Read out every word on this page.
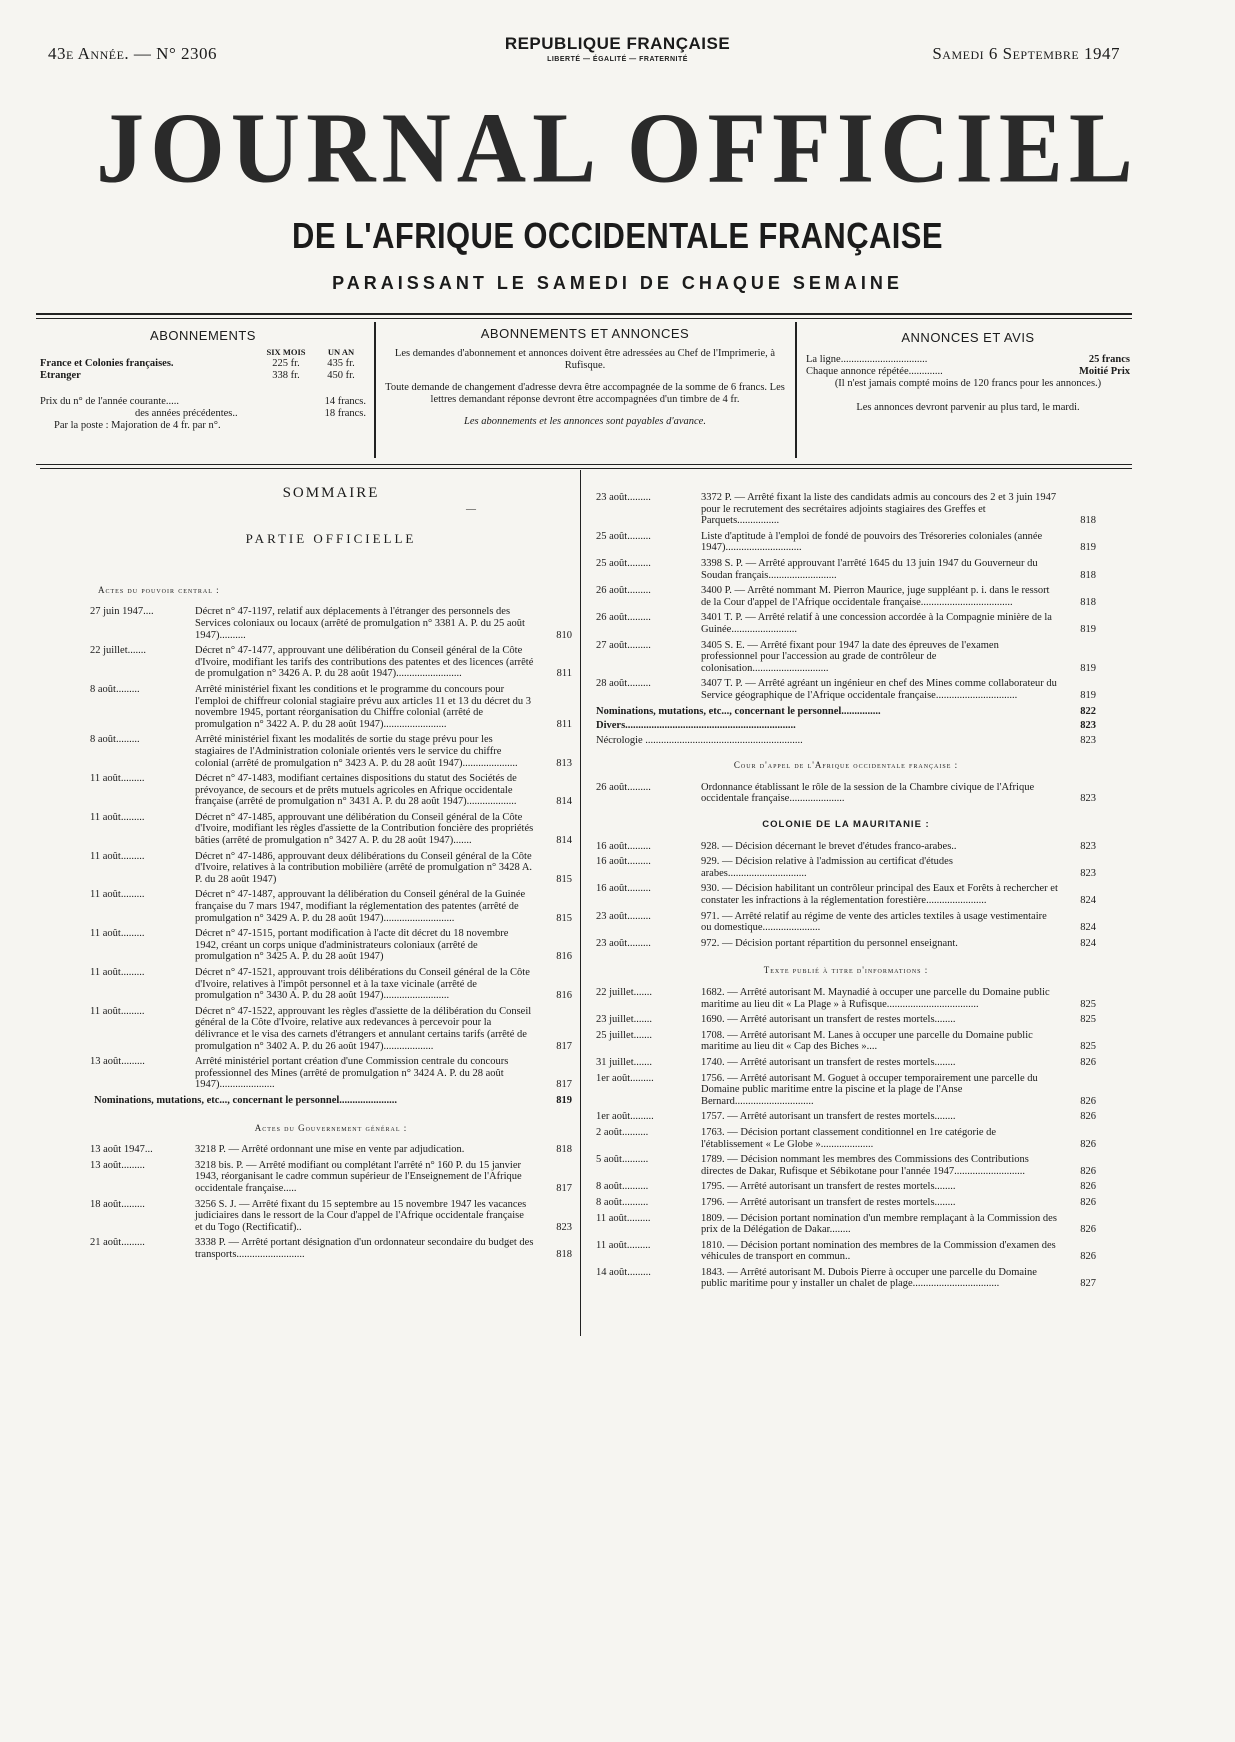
43e Année. — N° 2306
REPUBLIQUE FRANÇAISE
LIBERTÉ — ÉGALITÉ — FRATERNITÉ	Samedi 6 Septembre 1947
JOURNAL OFFICIEL
DE L'AFRIQUE OCCIDENTALE FRANÇAISE
PARAISSANT LE SAMEDI DE CHAQUE SEMAINE
ABONNEMENTS
SIX MOIS	UN AN
France et Colonies françaises.	225 fr.	435 fr.
Etranger	338 fr.	450 fr.
Prix du n° de l'année courante.....	14 francs.
des années précédentes..	18 francs.
Par la poste : Majoration de 4 fr. par n°.
ABONNEMENTS ET ANNONCES
Les demandes d'abonnement et annonces doivent être adressées au Chef de l'Imprimerie, à Rufisque.
Toute demande de changement d'adresse devra être accompagnée de la somme de 6 francs. Les lettres demandant réponse devront être accompagnées d'un timbre de 4 fr.
Les abonnements et les annonces sont payables d'avance.
ANNONCES ET AVIS
La ligne.................................	25 francs
Chaque annonce répétée.............	Moitié Prix
(Il n'est jamais compté moins de 120 francs pour les annonces.)
Les annonces devront parvenir au plus tard, le mardi.
SOMMAIRE
—
PARTIE OFFICIELLE
Actes du pouvoir central :
27 juin 1947....	Décret n° 47-1197, relatif aux déplacements à l'étranger des personnels des Services coloniaux ou locaux (arrêté de promulgation n° 3381 A. P. du 25 août 1947)..........	810
22 juillet.......	Décret n° 47-1477, approuvant une délibération du Conseil général de la Côte d'Ivoire, modifiant les tarifs des contributions des patentes et des licences (arrêté de promulgation n° 3426 A. P. du 28 août 1947).........................	811
8 août.........	Arrêté ministériel fixant les conditions et le programme du concours pour l'emploi de chiffreur colonial stagiaire prévu aux articles 11 et 13 du décret du 3 novembre 1945, portant réorganisation du Chiffre colonial (arrêté de promulgation n° 3422 A. P. du 28 août 1947)........................	811
8 août.........	Arrêté ministériel fixant les modalités de sortie du stage prévu pour les stagiaires de l'Administration coloniale orientés vers le service du chiffre colonial (arrêté de promulgation n° 3423 A. P. du 28 août 1947).....................	813
11 août.........	Décret n° 47-1483, modifiant certaines dispositions du statut des Sociétés de prévoyance, de secours et de prêts mutuels agricoles en Afrique occidentale française (arrêté de promulgation n° 3431 A. P. du 28 août 1947)...................	814
11 août.........	Décret n° 47-1485, approuvant une délibération du Conseil général de la Côte d'Ivoire, modifiant les règles d'assiette de la Contribution foncière des propriétés bâties (arrêté de promulgation n° 3427 A. P. du 28 août 1947).......	814
11 août.........	Décret n° 47-1486, approuvant deux délibérations du Conseil général de la Côte d'Ivoire, relatives à la contribution mobilière (arrêté de promulgation n° 3428 A. P. du 28 août 1947)	815
11 août.........	Décret n° 47-1487, approuvant la délibération du Conseil général de la Guinée française du 7 mars 1947, modifiant la réglementation des patentes (arrêté de promulgation n° 3429 A. P. du 28 août 1947)...........................	815
11 août.........	Décret n° 47-1515, portant modification à l'acte dit décret du 18 novembre 1942, créant un corps unique d'administrateurs coloniaux (arrêté de promulgation n° 3425 A. P. du 28 août 1947)	816
11 août.........	Décret n° 47-1521, approuvant trois délibérations du Conseil général de la Côte d'Ivoire, relatives à l'impôt personnel et à la taxe vicinale (arrêté de promulgation n° 3430 A. P. du 28 août 1947).........................	816
11 août.........	Décret n° 47-1522, approuvant les règles d'assiette de la délibération du Conseil général de la Côte d'Ivoire, relative aux redevances à percevoir pour la délivrance et le visa des carnets d'étrangers et annulant certains tarifs (arrêté de promulgation n° 3402 A. P. du 26 août 1947)...................	817
13 août.........	Arrêté ministériel portant création d'une Commission centrale du concours professionnel des Mines (arrêté de promulgation n° 3424 A. P. du 28 août 1947).....................	817
Nominations, mutations, etc..., concernant le personnel......................	819
Actes du Gouvernement général :
13 août 1947...	3218 P. — Arrêté ordonnant une mise en vente par adjudication.	818
13 août.........	3218 bis. P. — Arrêté modifiant ou complétant l'arrêté n° 160 P. du 15 janvier 1943, réorganisant le cadre commun supérieur de l'Enseignement de l'Afrique occidentale française.....	817
18 août.........	3256 S. J. — Arrêté fixant du 15 septembre au 15 novembre 1947 les vacances judiciaires dans le ressort de la Cour d'appel de l'Afrique occidentale française et du Togo (Rectificatif)..	823
21 août.........	3338 P. — Arrêté portant désignation d'un ordonnateur secondaire du budget des transports..........................	818
23 août.........	3372 P. — Arrêté fixant la liste des candidats admis au concours des 2 et 3 juin 1947 pour le recrutement des secrétaires adjoints stagiaires des Greffes et Parquets................	818
25 août.........	Liste d'aptitude à l'emploi de fondé de pouvoirs des Trésoreries coloniales (année 1947).............................	819
25 août.........	3398 S. P. — Arrêté approuvant l'arrêté 1645 du 13 juin 1947 du Gouverneur du Soudan français..........................	818
26 août.........	3400 P. — Arrêté nommant M. Pierron Maurice, juge suppléant p. i. dans le ressort de la Cour d'appel de l'Afrique occidentale française...................................	818
26 août.........	3401 T. P. — Arrêté relatif à une concession accordée à la Compagnie minière de la Guinée.........................	819
27 août.........	3405 S. E. — Arrêté fixant pour 1947 la date des épreuves de l'examen professionnel pour l'accession au grade de contrôleur de colonisation.............................	819
28 août.........	3407 T. P. — Arrêté agréant un ingénieur en chef des Mines comme collaborateur du Service géographique de l'Afrique occidentale française...............................	819
Nominations, mutations, etc..., concernant le personnel...............	822
Divers.................................................................	823
Nécrologie ............................................................	823
Cour d'appel de l'Afrique occidentale française :
26 août.........	Ordonnance établissant le rôle de la session de la Chambre civique de l'Afrique occidentale française.....................	823
COLONIE DE LA MAURITANIE :
16 août.........	928. — Décision décernant le brevet d'études franco-arabes..	823
16 août.........	929. — Décision relative à l'admission au certificat d'études arabes..............................	823
16 août.........	930. — Décision habilitant un contrôleur principal des Eaux et Forêts à rechercher et constater les infractions à la réglementation forestière.......................	824
23 août.........	971. — Arrêté relatif au régime de vente des articles textiles à usage vestimentaire ou domestique......................	824
23 août.........	972. — Décision portant répartition du personnel enseignant.	824
Texte publié à titre d'informations :
22 juillet.......	1682. — Arrêté autorisant M. Maynadié à occuper une parcelle du Domaine public maritime au lieu dit « La Plage » à Rufisque...................................	825
23 juillet.......	1690. — Arrêté autorisant un transfert de restes mortels........	825
25 juillet.......	1708. — Arrêté autorisant M. Lanes à occuper une parcelle du Domaine public maritime au lieu dit « Cap des Biches »....	825
31 juillet.......	1740. — Arrêté autorisant un transfert de restes mortels........	826
1er août.........	1756. — Arrêté autorisant M. Goguet à occuper temporairement une parcelle du Domaine public maritime entre la piscine et la plage de l'Anse Bernard..............................	826
1er août.........	1757. — Arrêté autorisant un transfert de restes mortels........	826
2 août..........	1763. — Décision portant classement conditionnel en 1re catégorie de l'établissement « Le Globe »....................	826
5 août..........	1789. — Décision nommant les membres des Commissions des Contributions directes de Dakar, Rufisque et Sébikotane pour l'année 1947...........................	826
8 août..........	1795. — Arrêté autorisant un transfert de restes mortels........	826
8 août..........	1796. — Arrêté autorisant un transfert de restes mortels........	826
11 août.........	1809. — Décision portant nomination d'un membre remplaçant à la Commission des prix de la Délégation de Dakar........	826
11 août.........	1810. — Décision portant nomination des membres de la Commission d'examen des véhicules de transport en commun..	826
14 août.........	1843. — Arrêté autorisant M. Dubois Pierre à occuper une parcelle du Domaine public maritime pour y installer un chalet de plage.................................	827
